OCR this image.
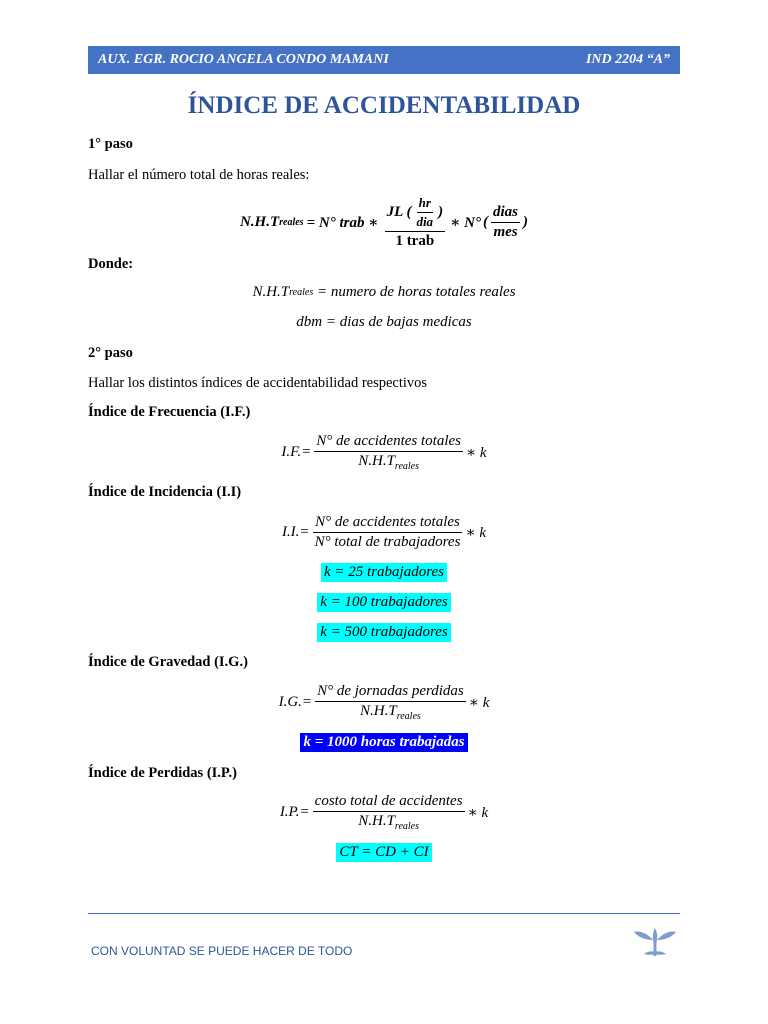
AUX. EGR. ROCIO ANGELA CONDO MAMANI	IND 2204 “A”
ÍNDICE DE ACCIDENTABILIDAD
1° paso
Hallar el número total de horas reales:
N.H.T reales = N° trab ∗ $\frac{JL ( \frac{hr}{\text{dia}} )}{\text{1 trab}}$ ∗ N° ( $\frac{\text{dias}}{\text{mes}}$ )
Donde:
N.H.T reales = numero de horas totales reales
dbm = dias de bajas medicas
2° paso
Hallar los distintos índices de accidentabilidad respectivos
Índice de Frecuencia (I.F.)
$I.F.= \frac{\text{N° de accidentes totales}}{N.H.T_{reales}}$ ∗ k
Índice de Incidencia (I.I)
$I.I.= \frac{\text{N° de accidentes totales}}{\text{N° total de trabajadores}}$ ∗ k
k = 25 trabajadores
k = 100 trabajadores
k = 500 trabajadores
Índice de Gravedad (I.G.)
$I.G.= \frac{\text{N° de jornadas perdidas}}{N.H.T_{reales}}$ ∗ k
k = 1000 horas trabajadas
Índice de Perdidas (I.P.)
$I.P.= \frac{\text{costo total de accidentes}}{N.H.T_{reales}}$ ∗ k
CT = CD + CI
CON VOLUNTAD SE PUEDE HACER DE TODO
